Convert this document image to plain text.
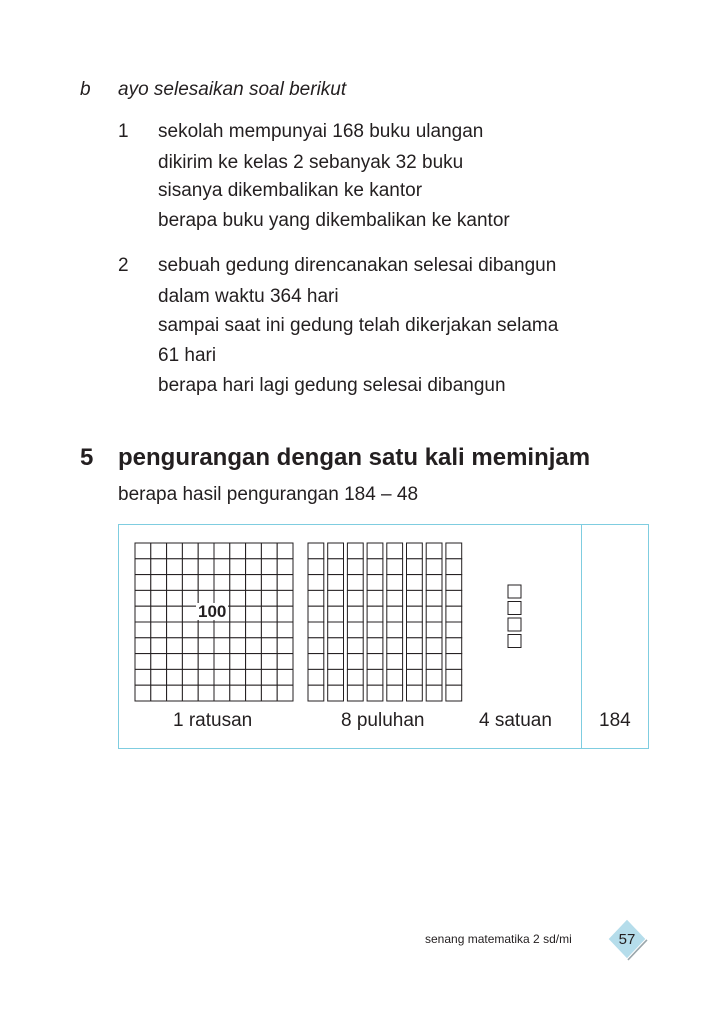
b ayo selesaikan soal berikut
1 sekolah mempunyai 168 buku ulangan
dikirim ke kelas 2 sebanyak 32 buku
sisanya dikembalikan ke kantor
berapa buku yang dikembalikan ke kantor
2 sebuah gedung direncanakan selesai dibangun
dalam waktu 364 hari
sampai saat ini gedung telah dikerjakan selama
61 hari
berapa hari lagi gedung selesai dibangun
5 pengurangan dengan satu kali meminjam
berapa hasil pengurangan 184 – 48
100
1 ratusan	8 puluhan	4 satuan 184
senang matematika 2 sd/mi	57
